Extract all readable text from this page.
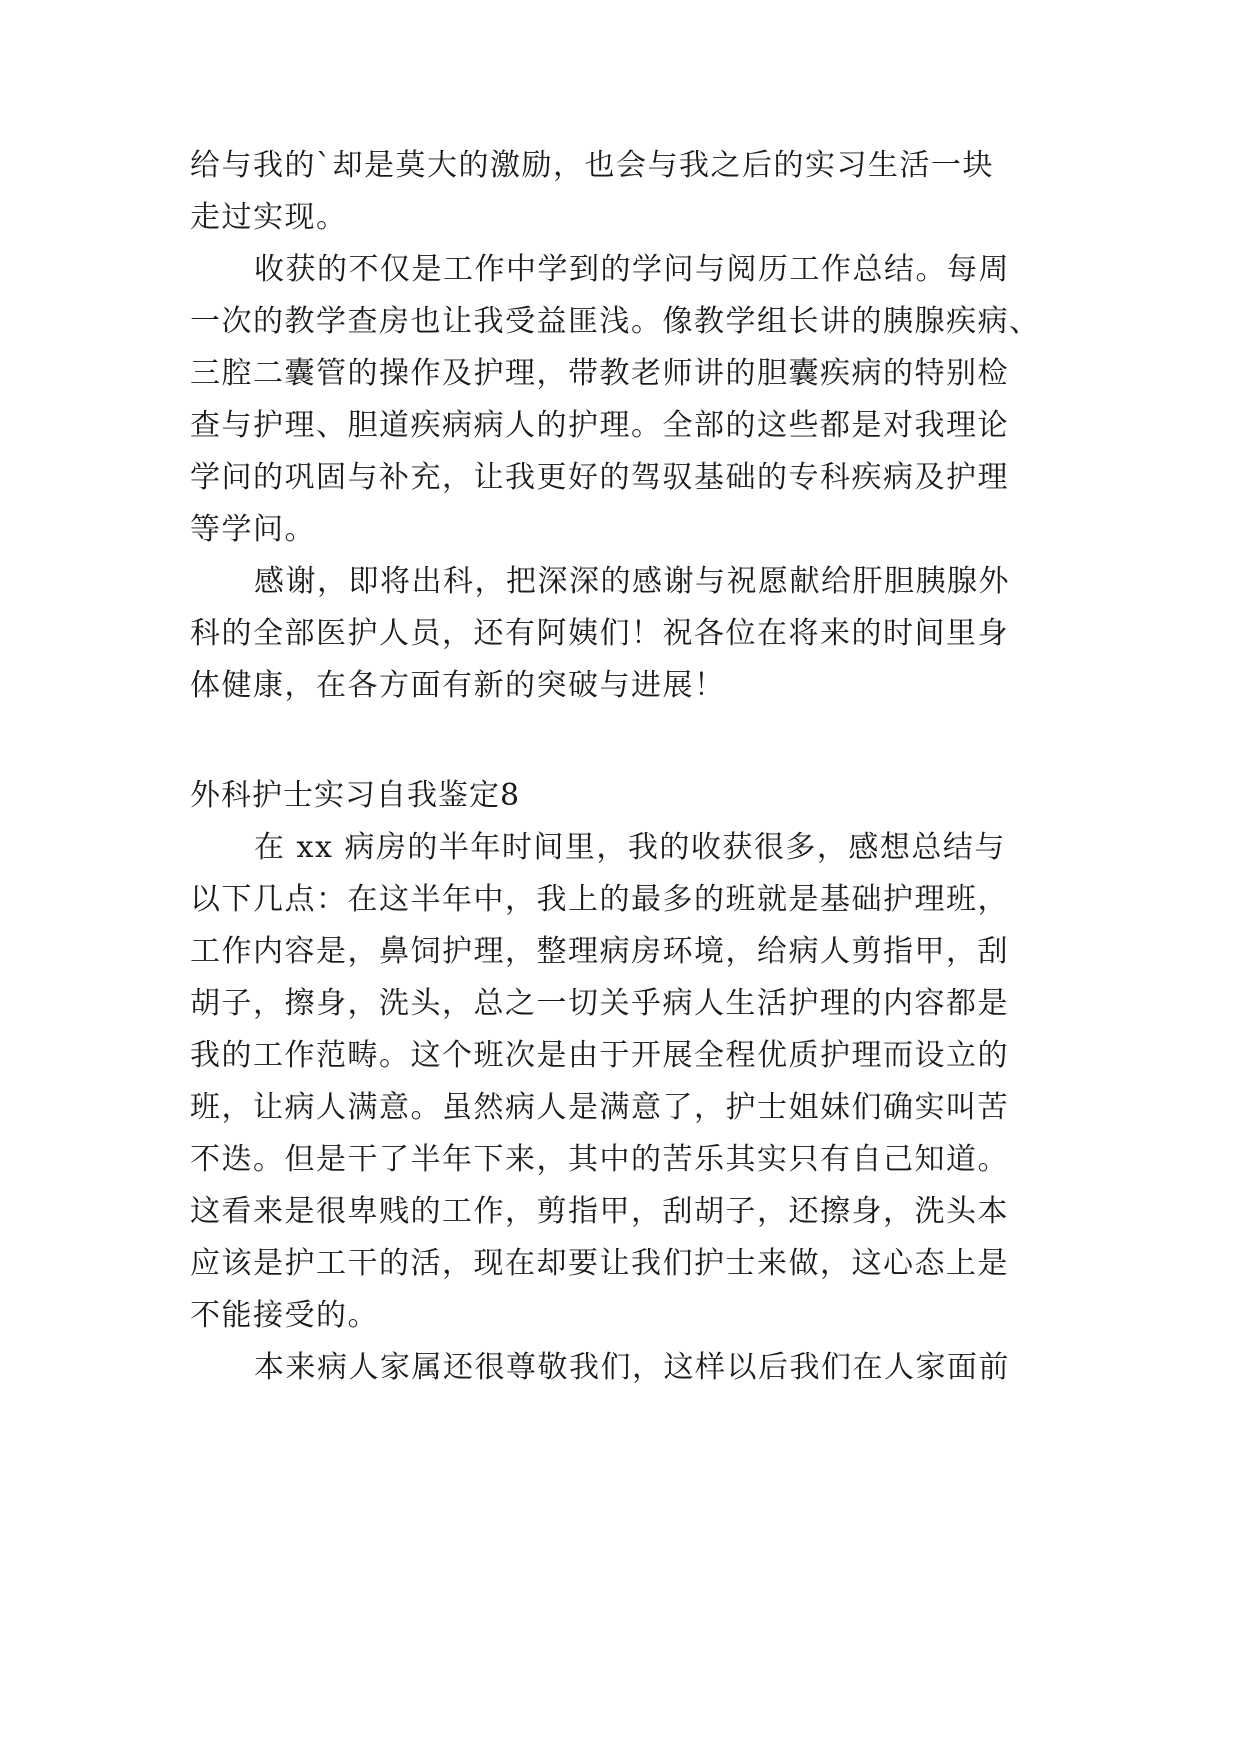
给与我的`却是莫大的激励，也会与我之后的实习生活一块
走过实现。
收获的不仅是工作中学到的学问与阅历工作总结。每周
一次的教学查房也让我受益匪浅。像教学组长讲的胰腺疾病、
三腔二囊管的操作及护理，带教老师讲的胆囊疾病的特别检
查与护理、胆道疾病病人的护理。全部的这些都是对我理论
学问的巩固与补充，让我更好的驾驭基础的专科疾病及护理
等学问。
感谢，即将出科，把深深的感谢与祝愿献给肝胆胰腺外
科的全部医护人员，还有阿姨们！祝各位在将来的时间里身
体健康，在各方面有新的突破与进展！
外科护士实习自我鉴定8
在 xx 病房的半年时间里，我的收获很多，感想总结与
以下几点：在这半年中，我上的最多的班就是基础护理班，
工作内容是，鼻饲护理，整理病房环境，给病人剪指甲，刮
胡子，擦身，洗头，总之一切关乎病人生活护理的内容都是
我的工作范畴。这个班次是由于开展全程优质护理而设立的
班，让病人满意。虽然病人是满意了，护士姐妹们确实叫苦
不迭。但是干了半年下来，其中的苦乐其实只有自己知道。
这看来是很卑贱的工作，剪指甲，刮胡子，还擦身，洗头本
应该是护工干的活，现在却要让我们护士来做，这心态上是
不能接受的。
本来病人家属还很尊敬我们，这样以后我们在人家面前
